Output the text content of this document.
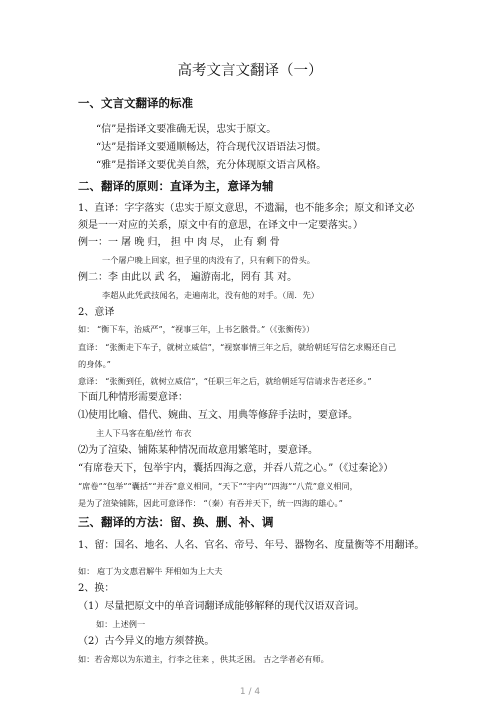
高考文言文翻译（一）
一、文言文翻译的标准
“信”是指译文要准确无误，忠实于原文。
“达”是指译文要通顺畅达，符合现代汉语语法习惯。
“雅”是指译文要优美自然，充分体现原文语言风格。
二、翻译的原则：直译为主，意译为辅
1、直译：字字落实（忠实于原文意思，不遗漏，也不能多余；原文和译文必
须是一一对应的关系，原文中有的意思，在译文中一定要落实。）
例一：一 屠 晚 归， 担 中 肉 尽， 止有 剩 骨
一个屠户晚上回家，担子里的肉没有了，只有剩下的骨头。
例二：李 由此以 武 名， 遍游南北，罔有 其 对。
李超从此凭武技闻名，走遍南北，没有他的对手。（周．先）
2、意译
如： “衡下车，治威严”，“视事三年，上书乞骸骨。”（《张衡传》）
直译： “张衡走下车子，就树立威信”，“视察事情三年之后，就给朝廷写信乞求赐还自己
的身体。”
意译： “张衡到任，就树立威信”，“任职三年之后，就给朝廷写信请求告老还乡。”
下面几种情形需要意译：
⑴使用比喻、借代、婉曲、互文、用典等修辞手法时，要意译。
主人下马客在船/丝竹 布衣
⑵为了渲染、铺陈某种情况而故意用繁笔时，要意译。
“有席卷天下，包举宇内，囊括四海之意，并吞八荒之心。”（《过秦论》）
“席卷”“包举”“囊括”“并吞”意义相同，“天下”“宇内”“四海”“八荒”意义相同，
是为了渲染铺陈，因此可意译作： “（秦）有吞并天下，统一四海的雄心。”
三、翻译的方法：留、换、删、补、调
1、留：国名、地名、人名、官名、帝号、年号、器物名、度量衡等不用翻译。
如： 庖丁为文惠君解牛 拜相如为上大夫
2、换：
（1）尽量把原文中的单音词翻译成能够解释的现代汉语双音词。
如：上述例一
（2）古今异义的地方须替换。
如：若舍郑以为东道主，行李之往来 ，供其乏困。 古之学者必有师。
1 / 4
